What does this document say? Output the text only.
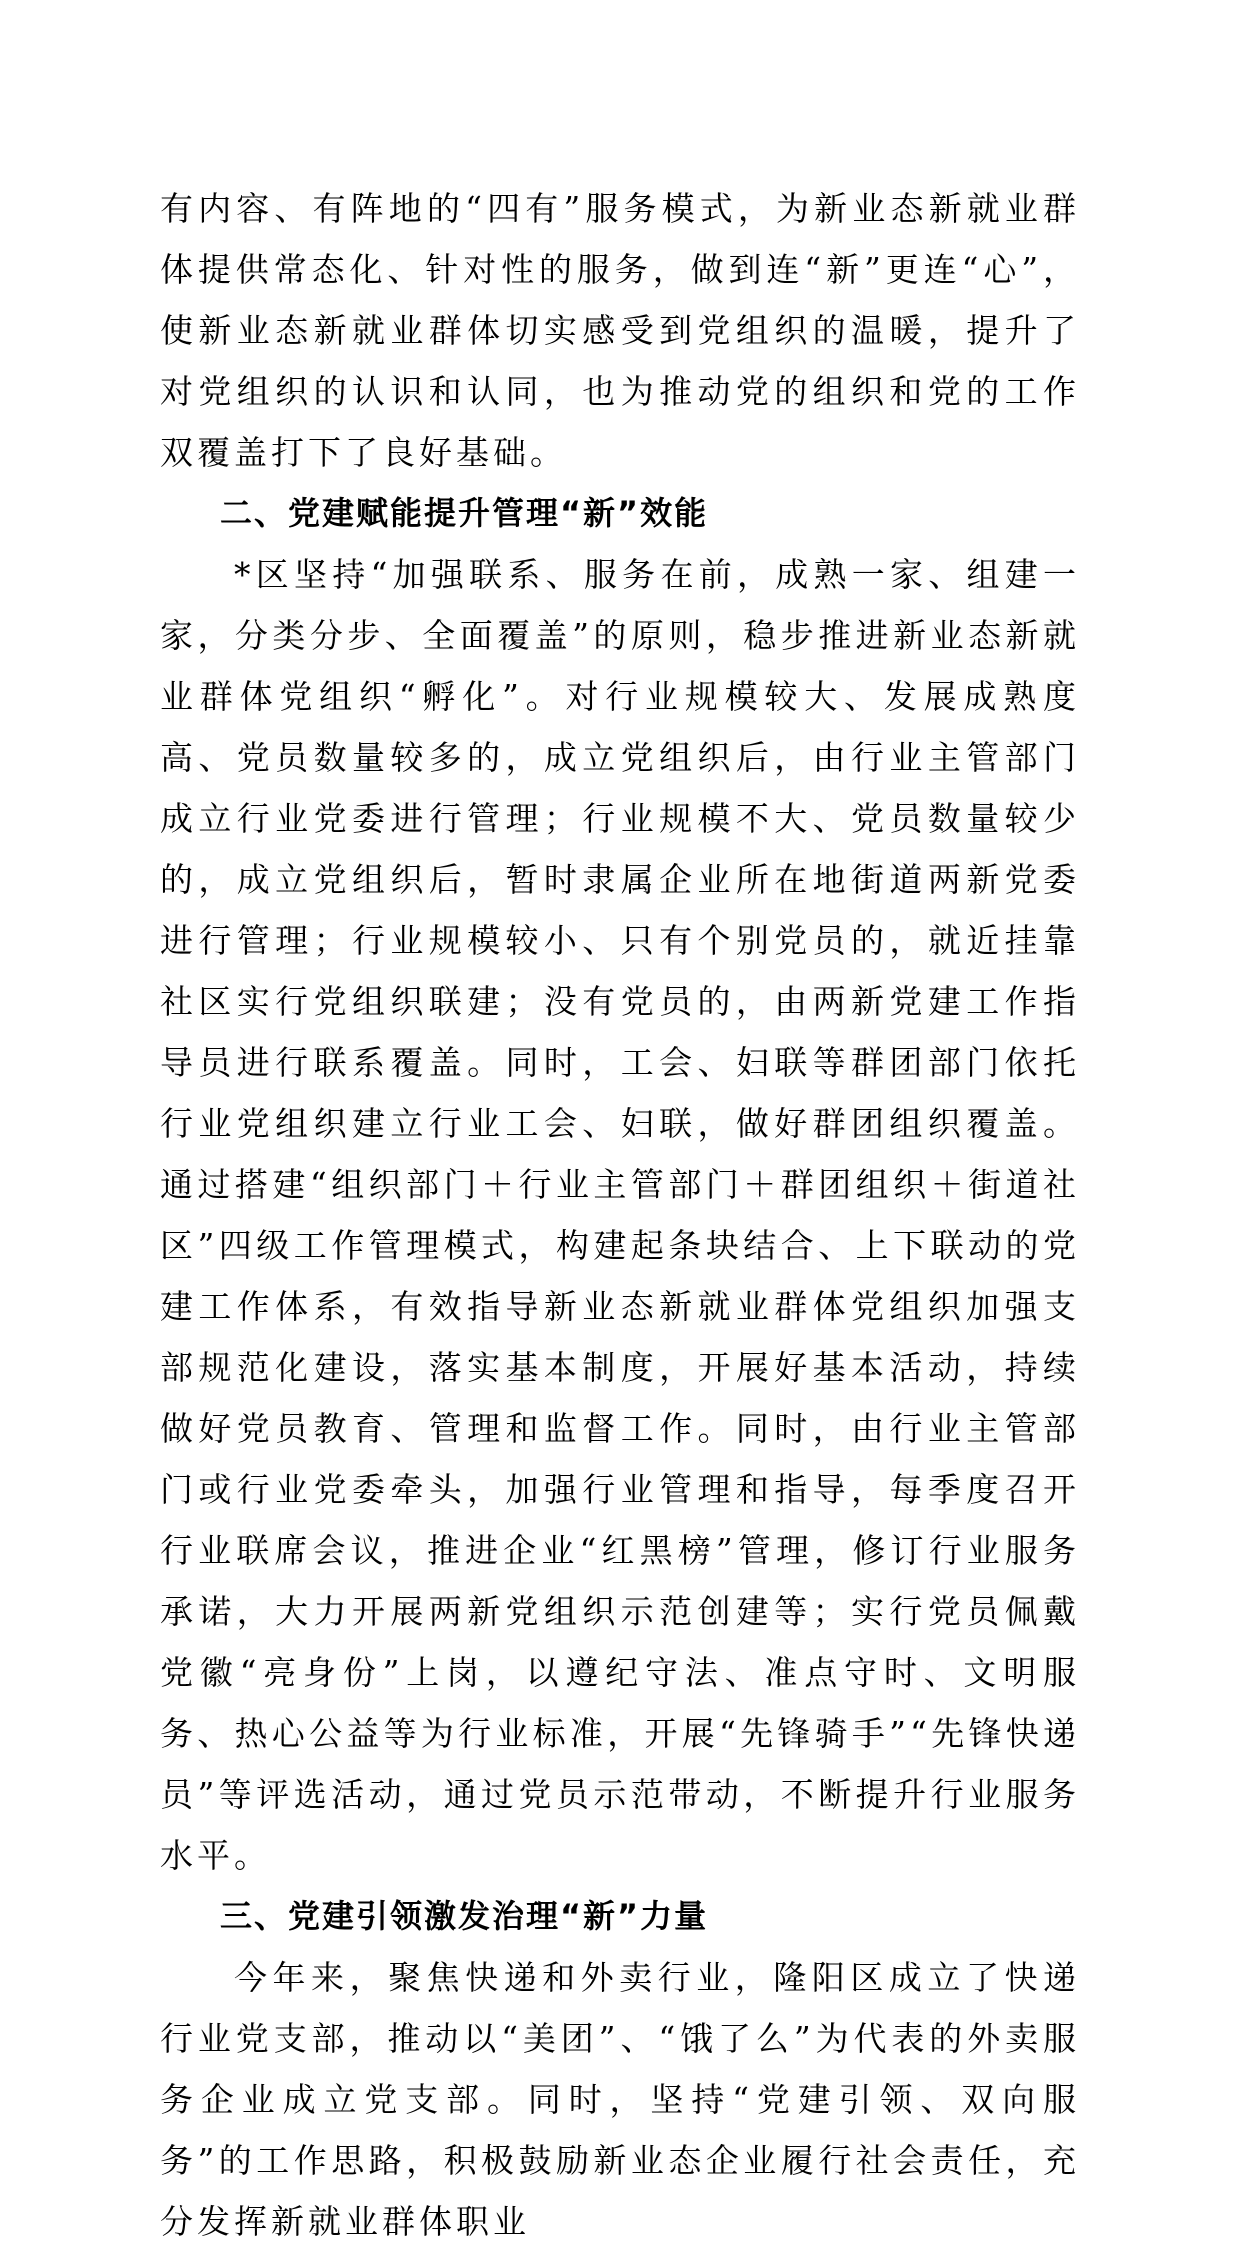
有内容、有阵地的“四有”服务模式，为新业态新就业群体提供常态化、针对性的服务，做到连“新”更连“心”，使新业态新就业群体切实感受到党组织的温暖，提升了对党组织的认识和认同，也为推动党的组织和党的工作双覆盖打下了良好基础。

二、党建赋能提升管理“新”效能

*区坚持“加强联系、服务在前，成熟一家、组建一家，分类分步、全面覆盖”的原则，稳步推进新业态新就业群体党组织“孵化”。对行业规模较大、发展成熟度高、党员数量较多的，成立党组织后，由行业主管部门成立行业党委进行管理；行业规模不大、党员数量较少的，成立党组织后，暂时隶属企业所在地街道两新党委进行管理；行业规模较小、只有个别党员的，就近挂靠社区实行党组织联建；没有党员的，由两新党建工作指导员进行联系覆盖。同时，工会、妇联等群团部门依托行业党组织建立行业工会、妇联，做好群团组织覆盖。通过搭建“组织部门＋行业主管部门＋群团组织＋街道社区”四级工作管理模式，构建起条块结合、上下联动的党建工作体系，有效指导新业态新就业群体党组织加强支部规范化建设，落实基本制度，开展好基本活动，持续做好党员教育、管理和监督工作。同时，由行业主管部门或行业党委牵头，加强行业管理和指导，每季度召开行业联席会议，推进企业“红黑榜”管理，修订行业服务承诺，大力开展两新党组织示范创建等；实行党员佩戴党徽“亮身份”上岗，以遵纪守法、准点守时、文明服务、热心公益等为行业标准，开展“先锋骑手”“先锋快递员”等评选活动，通过党员示范带动，不断提升行业服务水平。

三、党建引领激发治理“新”力量

今年来，聚焦快递和外卖行业，隆阳区成立了快递行业党支部，推动以“美团”、“饿了么”为代表的外卖服务企业成立党支部。同时，坚持“党建引领、双向服务”的工作思路，积极鼓励新业态企业履行社会责任，充分发挥新就业群体职业
